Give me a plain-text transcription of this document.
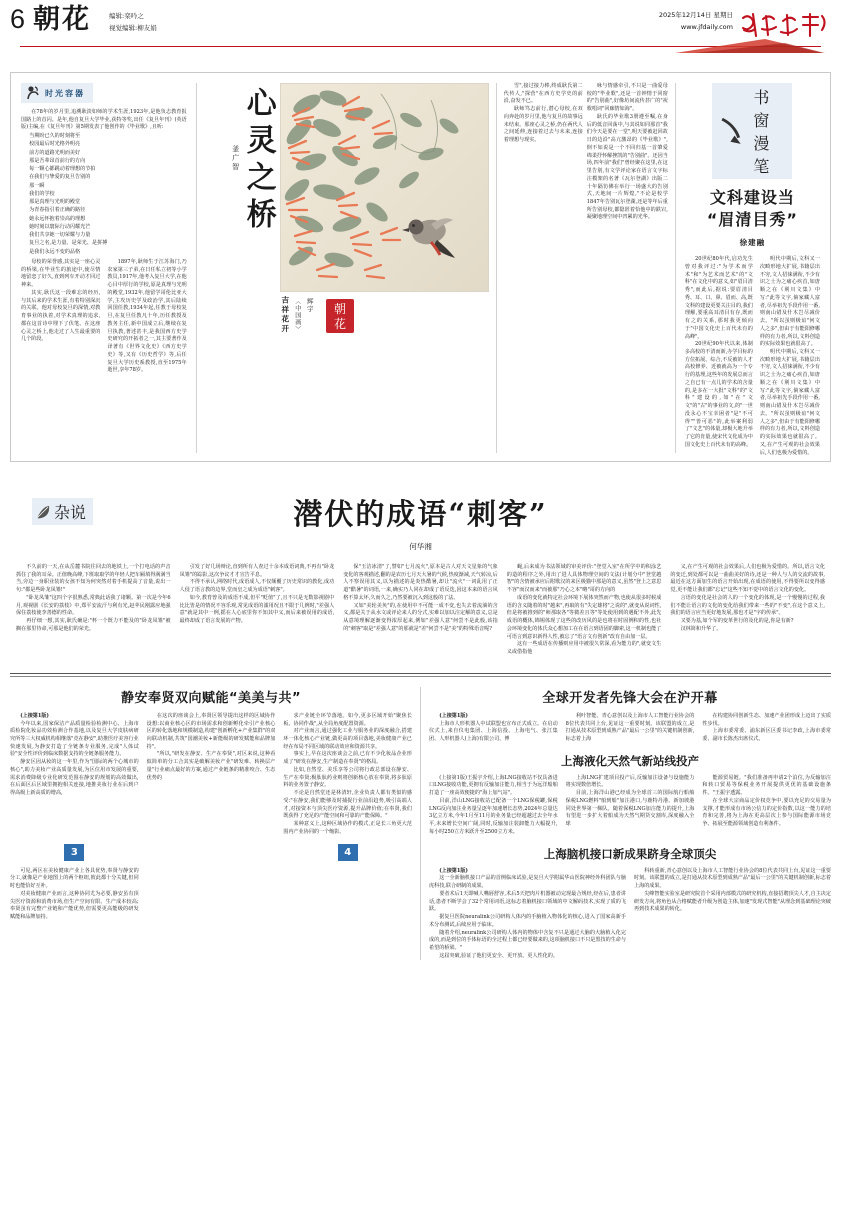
6 朝花	编辑:栾吟之
视觉编辑:柳友娟
2025年12月14日 星期日
www.jfdaily.com
时光容器

在78年的岁月里,追溯耿淡如师的学术生涯,1923年,是他负志教育报国路上的首闪。是年,他自复旦大学毕业,获特等奖,出任《复旦年刊》(英语版)主编,在《复旦年刊》第5期发表了他创作的《毕业歌》,且听:

当期盼已久的时刻将至
校园最后时光格外明亮
前方的道路光明而美好
那是吾辈昂首前行的方向
每一颗心都跳动着理想的节拍
在我们与挚爱的复旦告别的
那一瞬
我们的学校
那是真理与光明的殿堂
为青春指引着正确的路径
她永远怀抱着崇高的理想
她时刻以寰际行动闪耀光芒
我们共享她一切荣耀与力量
复旦之名,是力量、是荣光、是拼搏
是我们永远不变的品格

母校的荣誉感,其实是一座心灵的桥梁,在毕业生的旅途中,使尽情地留恋了好久,直到列车开动才回过神来。

其实,耿氏这一段难忘的经历,与其后来的学术生涯,有着特别深沉的关联。他对母校复旦的深情,对教育事业的执着,对学术真理的追求,都在这首诗中埋下了伏笔。在这座心灵之桥上,他走过了人生最重要的几个阶段。

1897年,耿师生于江苏海门,乃农家第三子弟,在日任私立初等小学教员,1917年,他考入复旦大学,在他心目中厚行的学校,原是真理与光明的殿堂,1932年,他留学哥伦比亚大学,主攻历史学及政治学,其后陆续回国任教,1934年起,任教于母校复旦,在复旦任教凡十年,历任教授及教务主任,新中国成立后,继续在复旦执教,著述甚丰,是我国西方史学史研究的开拓者之一,其主要著作及译著有《世界文化史》《西方史学史》等,又有《历史哲学》等,后任复旦大学历史系教授,直至1975年逝世,享年78岁。

心灵之桥
釜广智
吉祥花开 〈中国画〉 辉宇 朝
花

雪",接过接力棒,终成耿氏第二代传人,"探营"在西方史学史的前沿,奋发不已。

耿师笃志前行,潜心母校,在双向奔赴的岁月里,他与复旦的故事远未结束。那座心灵之桥,仍在两代人之间延伸,连接着过去与未来,连接着理想与现实。

咏与情感牵引,不只是一曲爱母校的"毕业歌",还是一首钟情于同窗的"告别曲",好像坊间流传甚广的"祝歌唱词"回廊情如海"。

耿氏的毕业歌3册遵至嘱,在身后的低音回荡中,与其说如同那首"我们今天是要在一堂",明天要被赶回故日的边沿"高亢激昂的《毕业歌》",倒不如说是一个不回归基一首肇爱绵柔抒怀解挫凯的"告别曲"。还因当场,四年前"我们"曾经聚在这里,在这里告别,有文学评论家在语言文字标注模架的名著《瓦尔登湖》出版二十年隔彷佛在举行一场盛大的告别式,天地间一片辉煌,"不论是校学1847年告别瓦尔登湖,还是等年后重所告别母校,都隐匿着恰他中的跌宕,凝聚地理空间中凹累的光华。

书窗漫笔
文科建设当
“眉清目秀”
徐建融

20世纪80年代,启功先生曾对我评过:"为学术而学术"和"为艺术而艺术"的"文科"在文化中的意义,如"眉目清秀",而此后,据说:要眉清目秀、耳、口、鼻、眉而、高,既文科的建设更要关注目的,我们理解,要重高耳清目有存,既而有之的关系,那时我更倾向于"中国文化史上百代未有的高峰"。

20世纪90年代以来,体制多高校的不清而新,办学目标的方位拓展、综合,不反被的人才高校修养、近被就高为一个专行的基理,这些年的发展总而言之自已有一点儿的学术的含量的,是多在一大批"文科"的"文科"建设的,如"在"文文"的"古"的事业的文,的"一世没永心不宝幸困者"是"不可得""皆可恶"的,此举案利弱了"文艺"的体量,却极大地升举了它的肯量,使宋代文化成为中国文化史上百代未有的高峰。

明代中期后,文科又一次畸形地大扩展,书籍层出不穷,文人招徕满衔,不少有识之士为之痛心疾首,如唐顺之在《荆川文集》中写:"此等文字,倘家藏人富者,尽举祖先手段作用一番,则南山错及什木岂尽减价去。"所以虽则极谊"何文人之多",但由于有能阳修哪样的有力者,所以,文料创造的实际效果也就很高了。

明代中期后,文科又一次畸形地大扩展,书籍层出不穷,文人招徕满衔,不少有识之士为之痛心疾首,如唐顺之在《荆川文集》中写:"此等文字,倘家藏人富者,尽举祖先手段作用一番,则南山错及什木岂尽减价去。"所以虽则极谊"何文人之多",但由于有能阳修哪样的有力者,所以,文料创造的实际效果也就很高了。又,在产生可观的社会效果后,人们也极为爱惜的。

杂说	潜伏的成语“刺客”
何华湘

不久前的一天,在从岳麓书院往回去的地铁上,一个打电话的声音抓住了我的耳朵。正值晚高峰,下班取取学的年轻人把车厢填得满满当当,旁边一身职业装的女孩不知为何突然对着手机提高了音量,说出一句:"都是些卧龙凤雏!"

"卧龙凤雏"这四个字很熟悉,常典此话我了诸颗。第一次是今年6月,观视剧《长安的荔枝》中,郑平安流汗与利有光,赵苹民刚露应地强保住荔枝使李善德的性命。

再仔细一想,其实,耿氏确是:"杯一个既力不能及的"卧龙凤雏"被搁在那里待命,可那是他们的荣光。

引发了好几场辩论,直到所有人查过十余本成语词典,不再有"卧龙凤雏"的踪影,这次争议才才宣告平息。

不得不承认,网络时代,成语成人,不仅颠覆了历史常识的教化,成功人侵了语言教的边界,堂而皇之成为成语"刺客"。

如今,教育曾及的成语不成,但平"贬值"了,且不只是无数影视剧中比比皆是的情况不容乐观,常见成语的滥用况且不限于几例时,"差强人意"就是其中一例,摇在人心底里你不知其中义,而后来被误用的成语,最终却成了语言发展的产物。

保"玉洁冰清"了,譬如"七月流火",原本是古人对天文星象的气象变化的客观描述,翻的是农历七月天大暑的气候,热度渐减,天气转凉,后人不察误用其义,以为描述的是炎热酷暑,却让"流火"一词乱用了正道"酷暑"的词语,一来,确实乃人同在却成了语反迭,因这本来的语言风格不算太坏,久而久之,乃然要被沉入到这般的了法。

又如"美轮美奂"的,在使用中不可能一成不变,也失去着流淌的含义,都是关于从水文或评论来人的分式,实难以加以注定解的意义,总是从意境理解逐渐变得浓厚起来,例如"差强人意"何尝不是此般,该指的"刺客"取是"差强人意"的那就是"差"何尝不是"美"的特殊语音呢?

蝇,后来成为书法领域的审美评价:"登堂入室"在所学中的积涂艺的造的程序之外,用出了进人具体物理空间的文法(计划分中"登堂越智"的含情被承应后附歌汉的来区极猫中那是的意义,虽然"登上之意思不容"而汉而来"而被那"乃心之本"略"哥的方向的

成语的变化就特定社会环境下展体突然而产物,也使从很多时候成语的含义随着的时"越来",再取的有"失定雄将"之说的",就变从说词性,但是将被推到的"师那取各"等微差且等"等处使用到的遇配不外,此先成语的概体,锦锡体现了这些的改历风的是也将在时固例积的性,也社会环境变化的体氏众心想加工在在语言到语固的脚索,这一机制也能了可语言到意识新得人性,被忘了"语言文有创新"改有自由加一层。

这有一些成语在传播则应用中被很久常深,看为能力的",就变文生义或借指他

义,在产生可观的社会效果后,人们也极为爱惜的。所以,语言文化的变迁,到处都可以是一曲曲美好的诗,还是一种人与人的交流的故事,最近在这方面加生的语言开始出现,在成语的使用,不得要所以变得感觉,更不能让我们都"忘记"这些不知不觉中的语言文化的变化。

言语的变化是社会的人的一个变化的体现,是一个慢慢的过程,我们不能让语言的文化的变化给我们带来一些的"不变",在这个意义上,我们的语言应当更好地发展,那也才是"字的传承"。

又要为基,如个军的变革世行的及化的是,你是有新?

汉林简和升华了。

静安奉贤双向赋能“美美与共”

(上接第1版)

今年以来,国家保洁产品质量检验检测中心、上海市质检院化妆品功效检测合作基地,以及复旦大学皮肤病研究所等三大权威机构相继落"竞在静安",助推医疗美容行业快速发展,为静安打造了全链条专业服务,完成"人体试验"安全性评价到临床数据支持的全链条服务能力。

静安区因从妆的这一年里,作为"国际的两个心城市的核心",助力美妆产业高质量发展,为区位用市发展的重要,需求消费降级专业化研发范围在静安的规划的高效做出,在后面区后区域里拥抱相关连接,地推美妆行业在后到户得高级上新高质的增高,

在这次的座谈会上,奉贤区领导提出这样的区域协作设想:以商业核心区的市场需求和创新孵化牵引产业核心区的转化落地和规模制造,构建"创新孵化+产业集群"的双向联动机制,共筑"国潮美妆+新能级的研发赋能和品牌加持"。

"所以,"研发在静安、生产在奉贤",对区来说,这种看似简单的分工合其实是破解美妆产业"研发难、转换层产量"行业痛点最好的方案,通过产业链条的精准咬合、生态优势的

求产业链全环节落地。如今,更多区域开始"聚焦长板、协同作战",从全局角度配置资源。

对产业而言,通过强化工业与服务业的深度融合,搭建环一体化核心产业链,做更高的项目落地,美妆健康产业已经在布局不同区域的联动效应和资源共享。

事实上,早在这次座谈会之前,已有不少化妆品企业形成了"研发在静安,生产制造在奉贤"的格局。

比如,自然堂、美乐享等公司将行政总部设在静安、生产在奉贤;极肽肽药业则将创新核心放在奉贤,将多肽原料的业务置子静安。

不论是自然堂还是林清轩,企业负责人都有类似的感受:"在静安,我们能够及时捕捉行业前沿趋势,吸引高端人才,对接资本与顶尖医疗资源,提升品牌价值;在奉贤,我们既获得了充足的产能空间和可靠的产能保障。"

某种意义上,这种区域协作的模式,正是长三角更大范围内产业协同的一个缩影。

3

可见,两区在美妆健康产业上各具优势,奉贤与静安的分工,就像是产业地图上的两个枢纽,彼此都十分关键,但同时也能恰好互补。

对美妆健康产业而言,这种协同尤为必要,静安虽有顶尖医疗资源和消费市场,但生产空间有限、生产成本较高;奉贤虽有完整产业链和产能优势,但需要更高能级的研发赋能和品牌加持。

4
全球开发者先锋大会在沪开幕

(上接第1版)

上海市人形机器人中试联盟也宣布正式成立。在启动仪式上,来自仪电集团、上海信投、上海电气、张江集团、人形机器人(上海)有限公司、博

利叶智能、青心意创以及上海市人工智能行业协会的8位代表共同上台,见证这一重要时刻。该联盟的成立,是打通从技术原型到成熟产品"最后一公里"的关键机制创新,标志着上海

在构建协同创新生态、加速产业团形成上迈出了实质性步伐。

上海市委常委、浦东新区区委书记李政,上海市委常委、副市长陈杰出席仪式。

上海液化天然气新站线投产

(上接第1版)王振宇介绍,上海LNG接收站不仅具备进口LNG接收功能,更拥有反输加注能力,相当于为远洋船舶打造了一座高效便捷的"海上加气站"。

目前,洋山LNG接收站已配备一个LNG保税罐,保税LNG反向加注业务量呈逐年加速增长态势,2024年总量达3亿立方米,今年1月至11月的业务量已经超越过去全年水平,未来增长空间广阔,同时,反输加注装卸能力大幅提升,每小时250立方米跃升至2500立方米。

上海LNG扩建项目投产后,反输加注设备与设施能力将实现数倍增长。

目前,上海洋山港已经成为全球首三的国际航行船舶保税LNG燃料"船到船"加注港口,与鹿特丹港、新加坡港同处世界第一梯队。随着保税LNG加注能力的提升,上海有望进一步扩大着船成为天然气期货交割库,深度融入全球

能源贸易链。"我们准备再申请2个泊位,为反输加注和转口贸易等保税业务开展提供更优的基础设施条件。"王振宇透露。

在全球大宗商品定价权竞争中,要以充足的交易量为支撑,才能形成有市场公信力的定价指数,以这一能力的培育和完善,将为上海在更高层次上参与国际能源市场竞争、拓展至能源领域创造有利条件。

上海脑机接口新成果跻身全球顶尖

(上接第1版)

这一全新脑机接口产品的首例临床试验,是复旦大学附属华山医院神经外科团队与脑虎科技,联合研制的成果。

要者术后1天即喊人嘴唇舒容,术后5天把肉片机器被动完现最合规经,经在后,患者讲话,患者不断学会了32个常用词语,这标志着脑机接口领域的中文解码技术,实现了质的飞跃。

据复旦医院neuralink公司研构人体内的手脑植入物体化的核心,进入了国家高新手术分布测试,后续应用于临床。

随着介绍,neuralink公司研构人体内的物体中含复不只是通过大脑的大脑植入化完成的,而是到位的手体标语的全过程上都已经要做来的,这项脑机接口不只是黑技的生命与希望的桥梁。"

这届突破,验证了他们更安全、更开放、更人性化的。

科转重新,青心意创以及上海市人工智能行业协会的8位代表共同上台,见证这一重要时刻。该联盟的成立,是打通从技术原型到成熟产品"最后一公里"的关键机制创新,标志着上海的成果。

尖峰智能实验室是研究院首个采用内部模式的研究机构,直接招聘顶尖人才,自主决定研发方向,将角色从合格赋能者升级为创造主体,加速"发现式智能"从理念到基础理论突破再到技术成果的转化。
